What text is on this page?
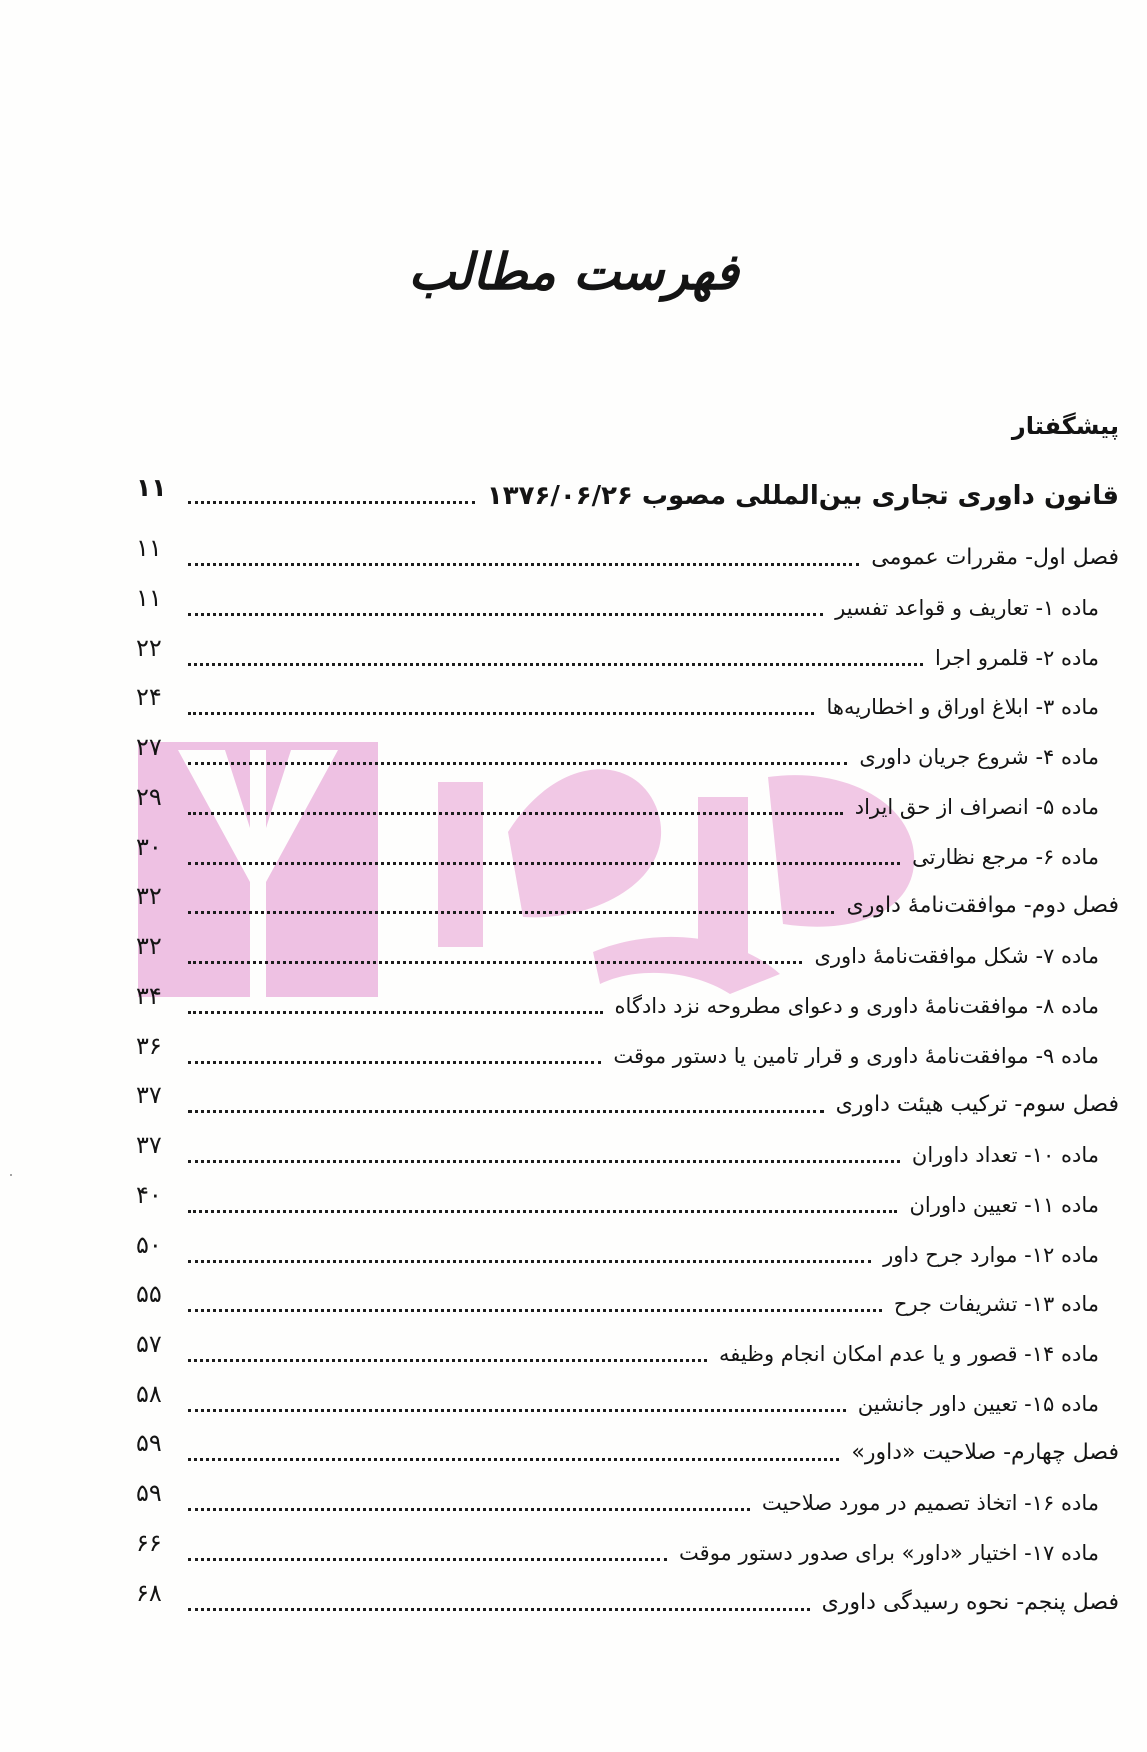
فهرست مطالب
پیشگفتار
قانون داوری تجاری بین‌المللی مصوب ۱۳۷۶/۰۶/۲۶
۱۱
فصل اول- مقررات عمومی
۱۱
ماده ۱- تعاریف و قواعد تفسیر
۱۱
ماده ۲- قلمرو اجرا
۲۲
ماده ۳- ابلاغ اوراق و اخطاریه‌ها
۲۴
ماده ۴- شروع جریان داوری
۲۷
ماده ۵- انصراف از حق ایراد
۲۹
ماده ۶- مرجع نظارتی
۳۰
فصل دوم- موافقت‌نامهٔ داوری
۳۲
ماده ۷- شکل موافقت‌نامهٔ داوری
۳۲
ماده ۸- موافقت‌نامهٔ داوری و دعوای مطروحه نزد دادگاه
۳۴
ماده ۹- موافقت‌نامهٔ داوری و قرار تامین یا دستور موقت
۳۶
فصل سوم- ترکیب هیئت داوری
۳۷
ماده ۱۰- تعداد داوران
۳۷
ماده ۱۱- تعیین داوران
۴۰
ماده ۱۲- موارد جرح داور
۵۰
ماده ۱۳- تشریفات جرح
۵۵
ماده ۱۴- قصور و یا عدم امکان انجام وظیفه
۵۷
ماده ۱۵- تعیین داور جانشین
۵۸
فصل چهارم- صلاحیت «داور»
۵۹
ماده ۱۶- اتخاذ تصمیم در مورد صلاحیت
۵۹
ماده ۱۷- اختیار «داور» برای صدور دستور موقت
۶۶
فصل پنجم- نحوه رسیدگی داوری
۶۸
